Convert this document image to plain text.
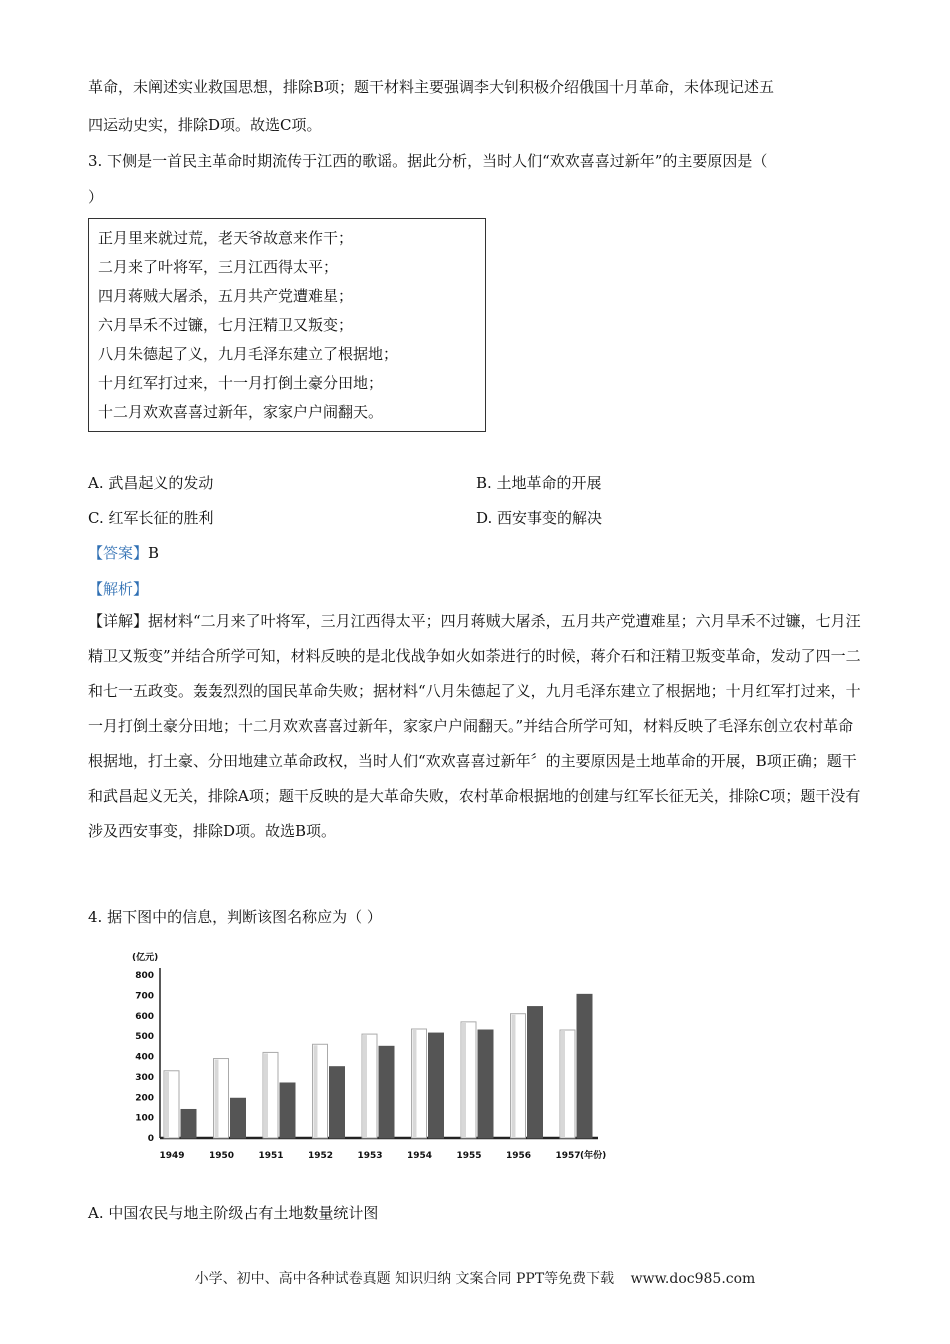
革命，未阐述实业救国思想，排除B项；题干材料主要强调李大钊积极介绍俄国十月革命，未体现记述五
四运动史实，排除D项。故选C项。
3. 下侧是一首民主革命时期流传于江西的歌谣。据此分析，当时人们“欢欢喜喜过新年”的主要原因是（
）
正月里来就过荒，老天爷故意来作干；
二月来了叶将军，三月江西得太平；
四月蒋贼大屠杀，五月共产党遭难星；
六月旱禾不过镰，七月汪精卫又叛变；
八月朱德起了义，九月毛泽东建立了根据地；
十月红军打过来，十一月打倒土豪分田地；
十二月欢欢喜喜过新年，家家户户闹翻天。
A. 武昌起义的发动	B. 土地革命的开展
C. 红军长征的胜利	D. 西安事变的解决
【答案】B
【解析】

【详解】据材料“二月来了叶将军，三月江西得太平；四月蒋贼大屠杀，五月共产党遭难星；六月旱禾不过镰，七月汪精卫又叛变”并结合所学可知，材料反映的是北伐战争如火如荼进行的时候，蒋介石和汪精卫叛变革命，发动了四一二和七一五政变。轰轰烈烈的国民革命失败；据材料“八月朱德起了义，九月毛泽东建立了根据地；十月红军打过来，十一月打倒土豪分田地；十二月欢欢喜喜过新年，家家户户闹翻天。”并结合所学可知，材料反映了毛泽东创立农村革命根据地，打土豪、分田地建立革命政权，当时人们“欢欢喜喜过新年〞的主要原因是土地革命的开展，B项正确；题干和武昌起义无关，排除A项；题干反映的是大革命失败，农村革命根据地的创建与红军长征无关，排除C项；题干没有涉及西安事变，排除D项。故选B项。

4. 据下图中的信息，判断该图名称应为（ ）
(亿元)
(年份)
0
100
200
300
400
500
600
700
800
1949	1950	1951	1952	1953	1954	1955	1956	1957
A. 中国农民与地主阶级占有土地数量统计图
小学、初中、高中各种试卷真题 知识归纳 文案合同 PPT等免费下载 www.doc985.com
